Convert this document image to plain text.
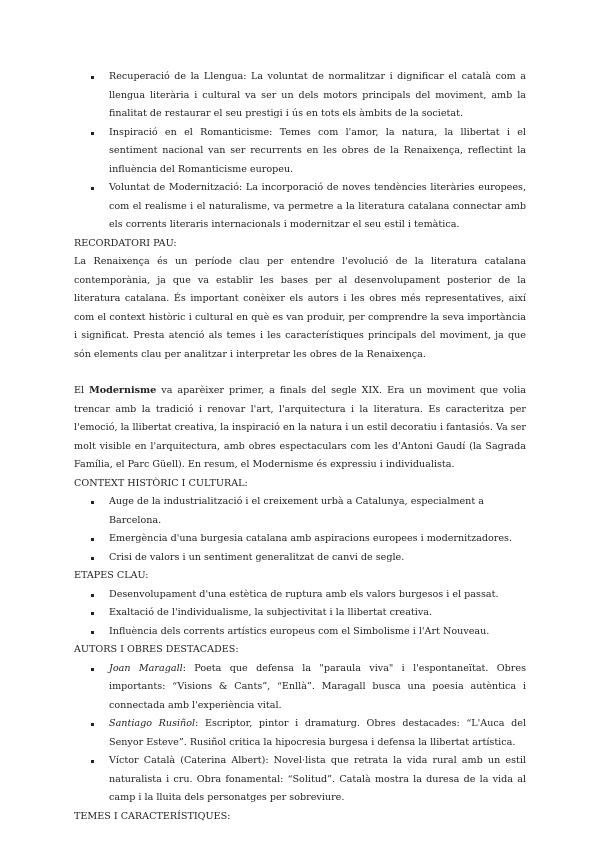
Recuperació de la Llengua: La voluntat de normalitzar i dignificar el català com a llengua literària i cultural va ser un dels motors principals del moviment, amb la finalitat de restaurar el seu prestigi i ús en tots els àmbits de la societat.
Inspiració en el Romanticisme: Temes com l'amor, la natura, la llibertat i el sentiment nacional van ser recurrents en les obres de la Renaixença, reflectint la influència del Romanticisme europeu.
Voluntat de Modernització: La incorporació de noves tendències literàries europees, com el realisme i el naturalisme, va permetre a la literatura catalana connectar amb els corrents literaris internacionals i modernitzar el seu estil i temàtica.

RECORDATORI PAU:

La Renaixença és un període clau per entendre l'evolució de la literatura catalana contemporània, ja que va establir les bases per al desenvolupament posterior de la literatura catalana. És important conèixer els autors i les obres més representatives, així com el context històric i cultural en què es van produir, per comprendre la seva importància i significat. Presta atenció als temes i les característiques principals del moviment, ja que són elements clau per analitzar i interpretar les obres de la Renaixença.

El Modernisme va aparèixer primer, a finals del segle XIX. Era un moviment que volia trencar amb la tradició i renovar l'art, l'arquitectura i la literatura. Es caracteritza per l'emoció, la llibertat creativa, la inspiració en la natura i un estil decoratiu i fantasiós. Va ser molt visible en l'arquitectura, amb obres espectaculars com les d'Antoni Gaudí (la Sagrada Família, el Parc Güell). En resum, el Modernisme és expressiu i individualista.

CONTEXT HISTÒRIC I CULTURAL:

Auge de la industrialització i el creixement urbà a Catalunya, especialment a Barcelona.
Emergència d'una burgesia catalana amb aspiracions europees i modernitzadores.
Crisi de valors i un sentiment generalitzat de canvi de segle.

ETAPES CLAU:

Desenvolupament d'una estètica de ruptura amb els valors burgesos i el passat.
Exaltació de l'individualisme, la subjectivitat i la llibertat creativa.
Influència dels corrents artístics europeus com el Simbolisme i l'Art Nouveau.

AUTORS I OBRES DESTACADES:

Joan Maragall: Poeta que defensa la "paraula viva" i l'espontaneïtat. Obres importants: “Visions & Cants”, “Enllà”. Maragall busca una poesia autèntica i connectada amb l'experiència vital.
Santiago Rusiñol: Escriptor, pintor i dramaturg. Obres destacades: “L'Auca del Senyor Esteve”. Rusiñol critica la hipocresia burgesa i defensa la llibertat artística.
Víctor Català (Caterina Albert): Novel·lista que retrata la vida rural amb un estil naturalista i cru. Obra fonamental: “Solitud”. Català mostra la duresa de la vida al camp i la lluita dels personatges per sobreviure.

TEMES I CARACTERÍSTIQUES:
